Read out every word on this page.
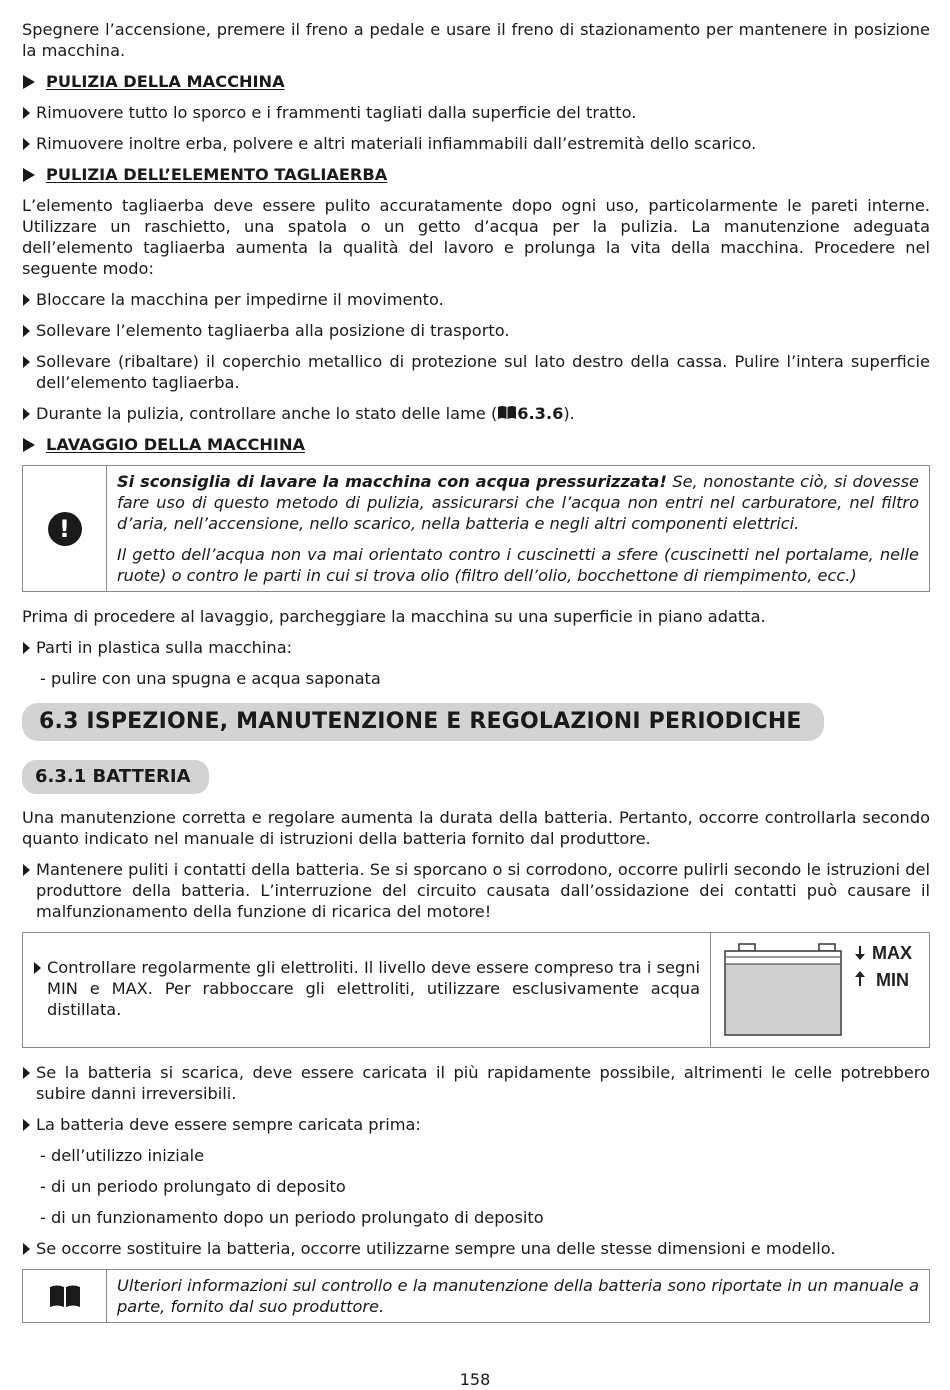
Spegnere l’accensione, premere il freno a pedale e usare il freno di stazionamento per mantenere in posizione la macchina.

PULIZIA DELLA MACCHINA
Rimuovere tutto lo sporco e i frammenti tagliati dalla superficie del tratto.
Rimuovere inoltre erba, polvere e altri materiali infiammabili dall’estremità dello scarico.
PULIZIA DELL’ELEMENTO TAGLIAERBA

L’elemento tagliaerba deve essere pulito accuratamente dopo ogni uso, particolarmente le pareti interne. Utilizzare un raschietto, una spatola o un getto d’acqua per la pulizia. La manutenzione adeguata dell’elemento tagliaerba aumenta la qualità del lavoro e prolunga la vita della macchina. Procedere nel seguente modo:

Bloccare la macchina per impedirne il movimento.
Sollevare l’elemento tagliaerba alla posizione di trasporto.
Sollevare (ribaltare) il coperchio metallico di protezione sul lato destro della cassa. Pulire l’intera superficie dell’elemento tagliaerba.
Durante la pulizia, controllare anche lo stato delle lame ( 6.3.6).
LAVAGGIO DELLA MACCHINA
!

Si sconsiglia di lavare la macchina con acqua pressurizzata! Se, nonostante ciò, si dovesse fare uso di questo metodo di pulizia, assicurarsi che l’acqua non entri nel carburatore, nel filtro d’aria, nell’accensione, nello scarico, nella batteria e negli altri componenti elettrici.

Il getto dell’acqua non va mai orientato contro i cuscinetti a sfere (cuscinetti nel portalame, nelle ruote) o contro le parti in cui si trova olio (filtro dell’olio, bocchettone di riempimento, ecc.)

Prima di procedere al lavaggio, parcheggiare la macchina su una superficie in piano adatta.

Parti in plastica sulla macchina:
- pulire con una spugna e acqua saponata
6.3 ISPEZIONE, MANUTENZIONE E REGOLAZIONI PERIODICHE
6.3.1 BATTERIA

Una manutenzione corretta e regolare aumenta la durata della batteria. Pertanto, occorre controllarla secondo quanto indicato nel manuale di istruzioni della batteria fornito dal produttore.

Mantenere puliti i contatti della batteria. Se si sporcano o si corrodono, occorre pulirli secondo le istruzioni del produttore della batteria. L’interruzione del circuito causata dall’ossidazione dei contatti può causare il malfunzionamento della funzione di ricarica del motore!
Controllare regolarmente gli elettroliti. Il livello deve essere compreso tra i segni MIN e MAX. Per rabboccare gli elettroliti, utilizzare esclusivamente acqua distillata.
MAX
MIN
Se la batteria si scarica, deve essere caricata il più rapidamente possibile, altrimenti le celle potrebbero subire danni irreversibili.
La batteria deve essere sempre caricata prima:
- dell’utilizzo iniziale
- di un periodo prolungato di deposito
- di un funzionamento dopo un periodo prolungato di deposito
Se occorre sostituire la batteria, occorre utilizzarne sempre una delle stesse dimensioni e modello.

Ulteriori informazioni sul controllo e la manutenzione della batteria sono riportate in un manuale a parte, fornito dal suo produttore.

158
